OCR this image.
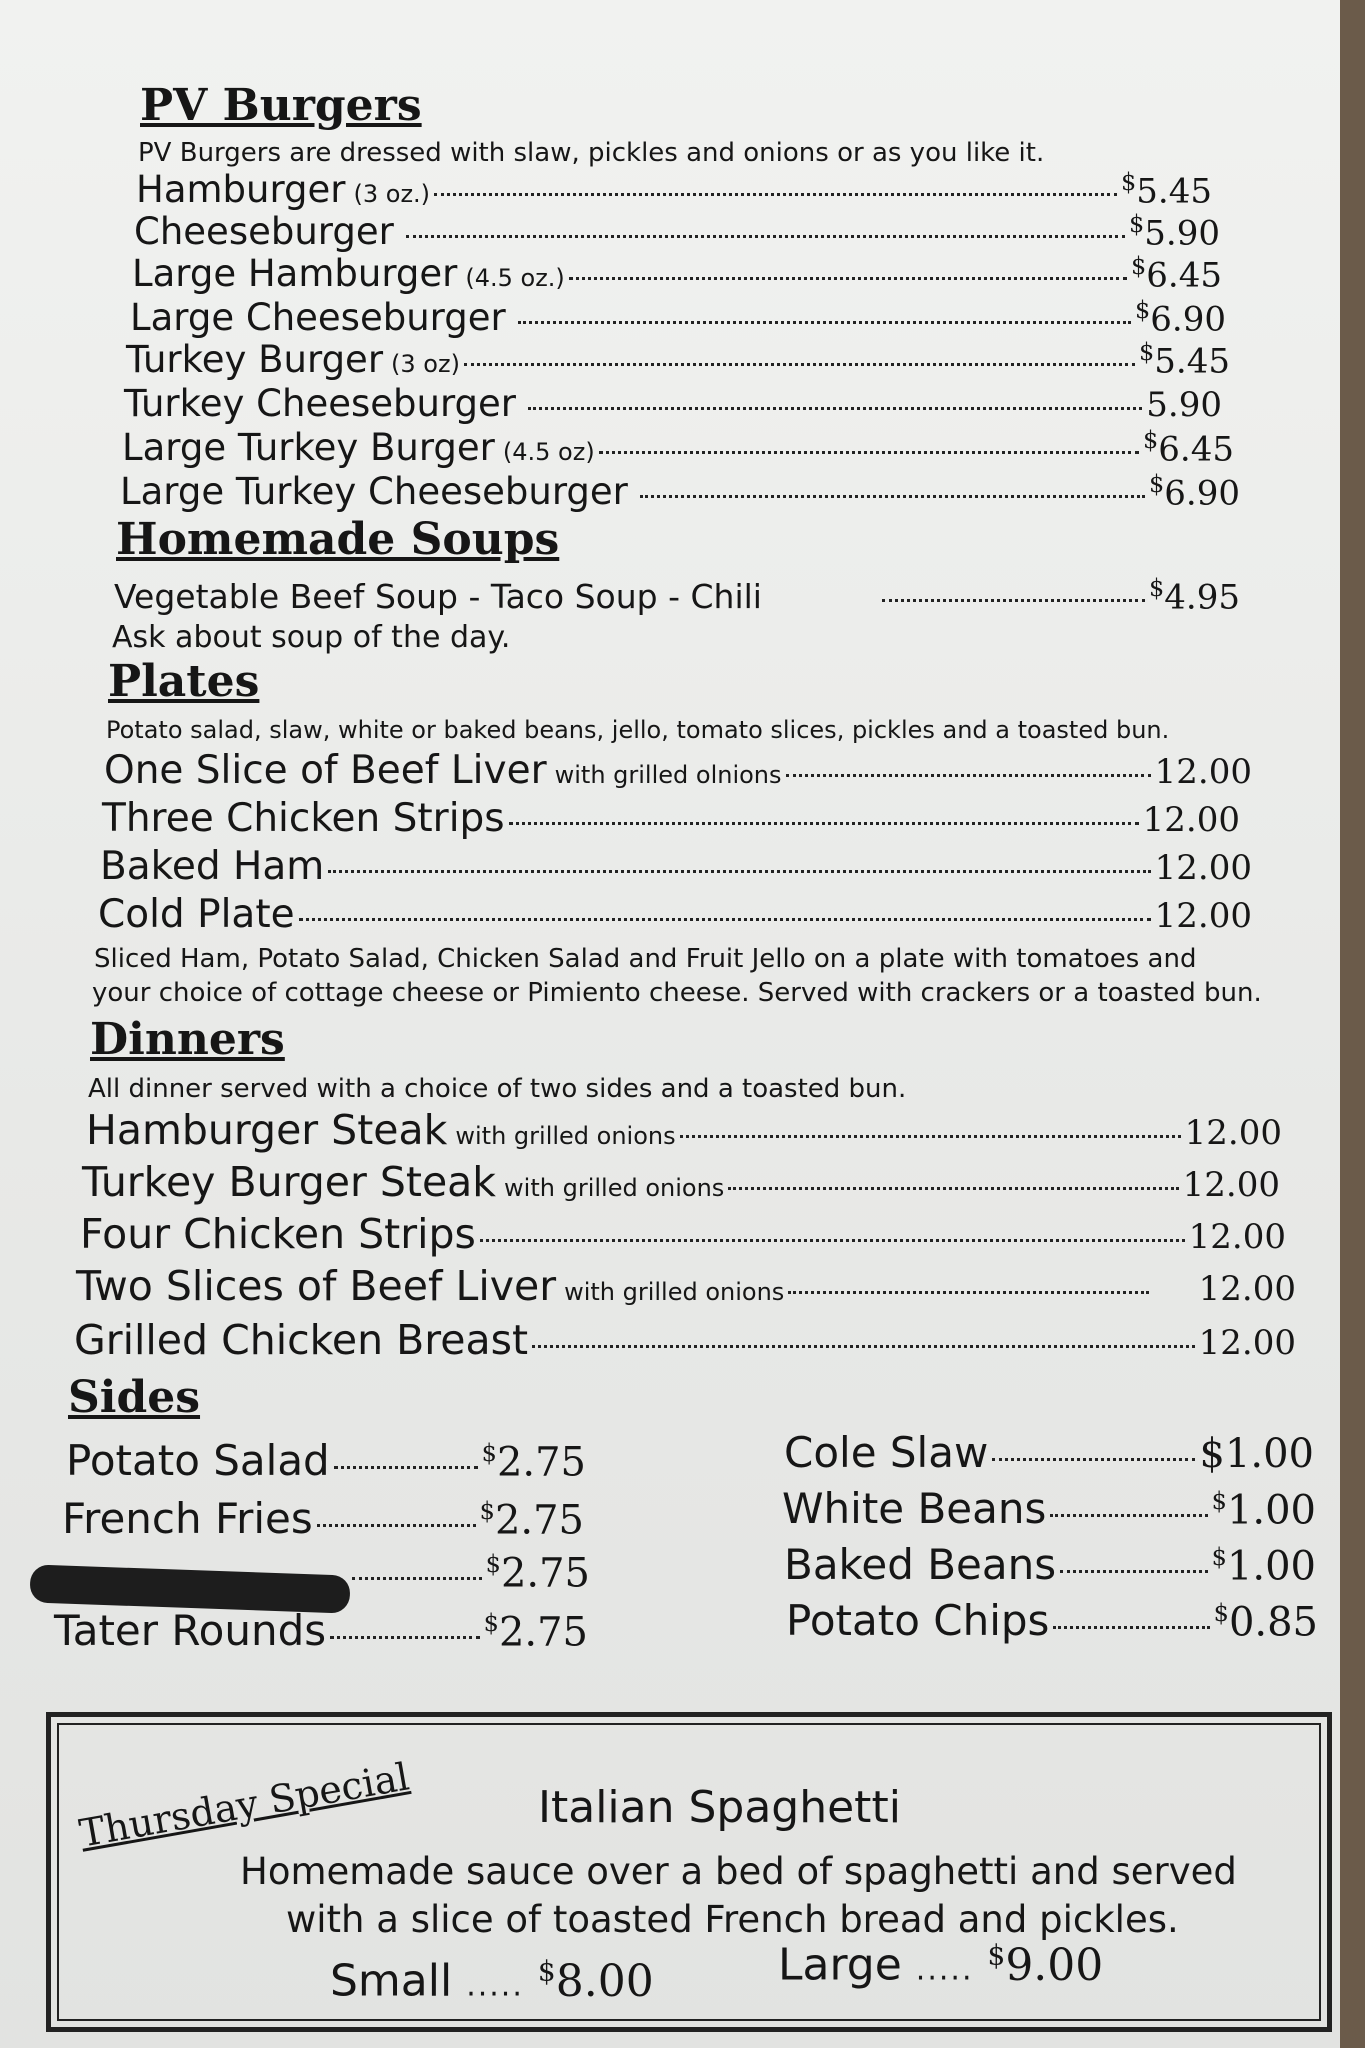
PV Burgers
PV Burgers are dressed with slaw, pickles and onions or as you like it.
Hamburger (3 oz.)	$5.45
Cheeseburger	$5.90
Large Hamburger (4.5 oz.)	$6.45
Large Cheeseburger	$6.90
Turkey Burger (3 oz)	$5.45
Turkey Cheeseburger	5.90
Large Turkey Burger (4.5 oz)	$6.45
Large Turkey Cheeseburger	$6.90
Homemade Soups
Vegetable Beef Soup - Taco Soup - Chili	$4.95
Ask about soup of the day.
Plates
Potato salad, slaw, white or baked beans, jello, tomato slices, pickles and a toasted bun.
One Slice of Beef Liver with grilled olnions	12.00
Three Chicken Strips	12.00
Baked Ham	12.00
Cold Plate	12.00
Sliced Ham, Potato Salad, Chicken Salad and Fruit Jello on a plate with tomatoes and
your choice of cottage cheese or Pimiento cheese. Served with crackers or a toasted bun.
Dinners
All dinner served with a choice of two sides and a toasted bun.
Hamburger Steak with grilled onions	12.00
Turkey Burger Steak with grilled onions	12.00
Four Chicken Strips	12.00
Two Slices of Beef Liver with grilled onions	12.00
Grilled Chicken Breast	12.00
Sides
Potato Salad	$2.75
French Fries	$2.75
$2.75
Tater Rounds	$2.75
Cole Slaw	$1.00
White Beans	$1.00
Baked Beans	$1.00
Potato Chips	$0.85
Thursday Special	Italian Spaghetti
Homemade sauce over a bed of spaghetti and served
with a slice of toasted French bread and pickles.
Small ..... $8.00	Large ..... $9.00
